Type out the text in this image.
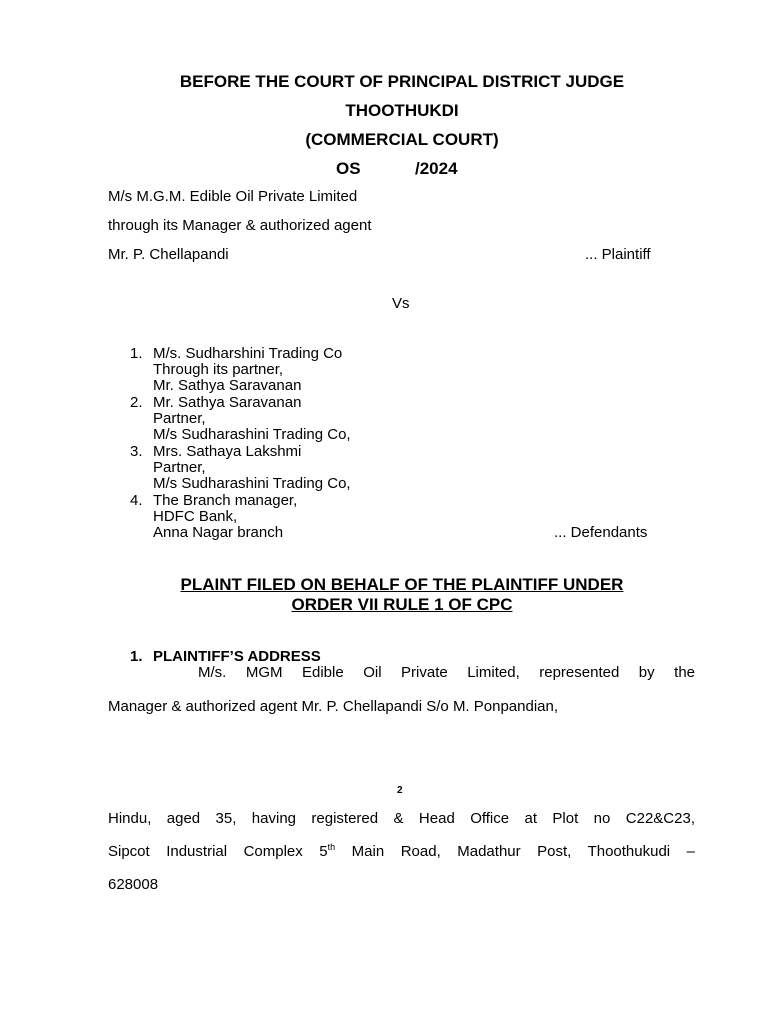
BEFORE THE COURT OF PRINCIPAL DISTRICT JUDGE
THOOTHUKDI
(COMMERCIAL COURT)
OS	/2024
M/s M.G.M. Edible Oil Private Limited
through its Manager & authorized agent
Mr. P. Chellapandi	... Plaintiff
Vs
1. M/s. Sudharshini Trading Co
Through its partner,
Mr. Sathya Saravanan
2. Mr. Sathya Saravanan
Partner,
M/s Sudharashini Trading Co,
3. Mrs. Sathaya Lakshmi
Partner,
M/s Sudharashini Trading Co,
4. The Branch manager,
HDFC Bank,
Anna Nagar branch	... Defendants
PLAINT FILED ON BEHALF OF THE PLAINTIFF UNDER
ORDER VII RULE 1 OF CPC
1. PLAINTIFF’S ADDRESS
M/s. MGM Edible Oil Private Limited, represented by the
Manager & authorized agent Mr. P. Chellapandi S/o M. Ponpandian,
2
Hindu, aged 35, having registered & Head Office at Plot no C22&C23,
Sipcot Industrial Complex 5th Main Road, Madathur Post, Thoothukudi –
628008
